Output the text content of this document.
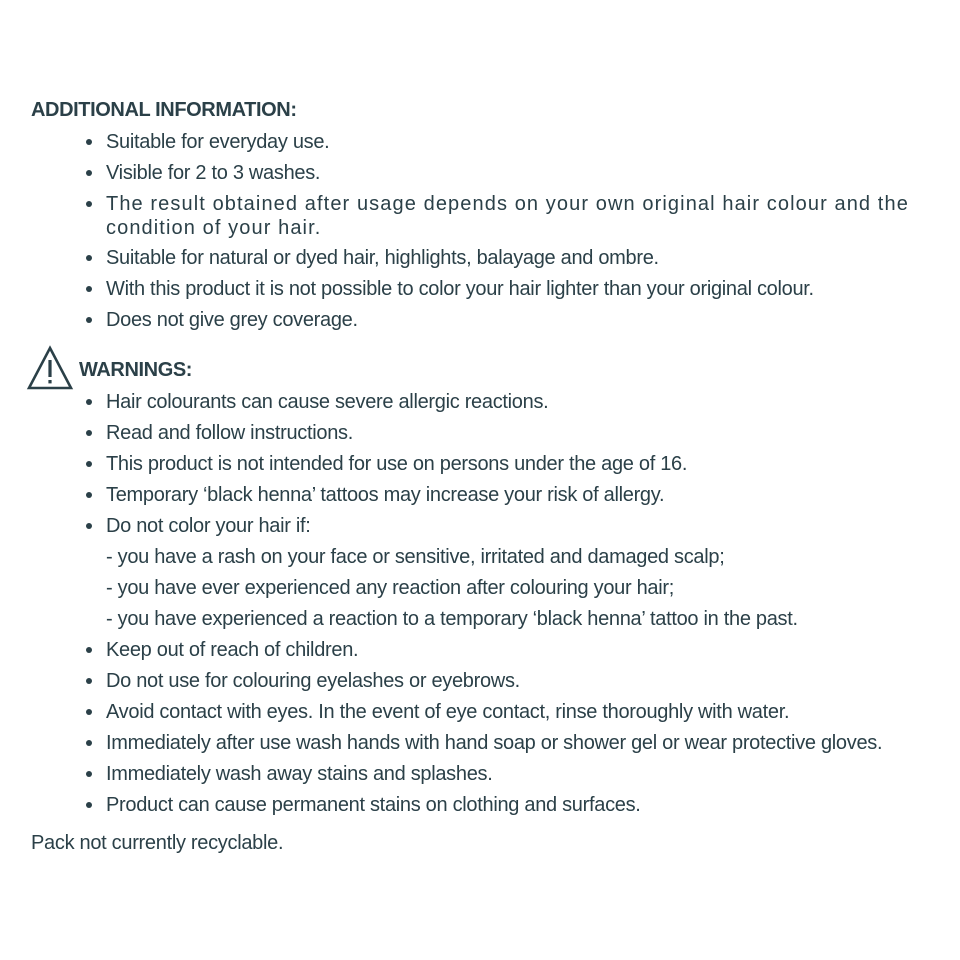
ADDITIONAL INFORMATION:
Suitable for everyday use.
Visible for 2 to 3 washes.
The result obtained after usage depends on your own original hair colour and the condition of your hair.
Suitable for natural or dyed hair, highlights, balayage and ombre.
With this product it is not possible to color your hair lighter than your original colour.
Does not give grey coverage.
WARNINGS:
Hair colourants can cause severe allergic reactions.
Read and follow instructions.
This product is not intended for use on persons under the age of 16.
Temporary ‘black henna’ tattoos may increase your risk of allergy.
Do not color your hair if:
- you have a rash on your face or sensitive, irritated and damaged scalp;
- you have ever experienced any reaction after colouring your hair;
- you have experienced a reaction to a temporary ‘black henna’ tattoo in the past.
Keep out of reach of children.
Do not use for colouring eyelashes or eyebrows.
Avoid contact with eyes. In the event of eye contact, rinse thoroughly with water.
Immediately after use wash hands with hand soap or shower gel or wear protective gloves.
Immediately wash away stains and splashes.
Product can cause permanent stains on clothing and surfaces.
Pack not currently recyclable.
